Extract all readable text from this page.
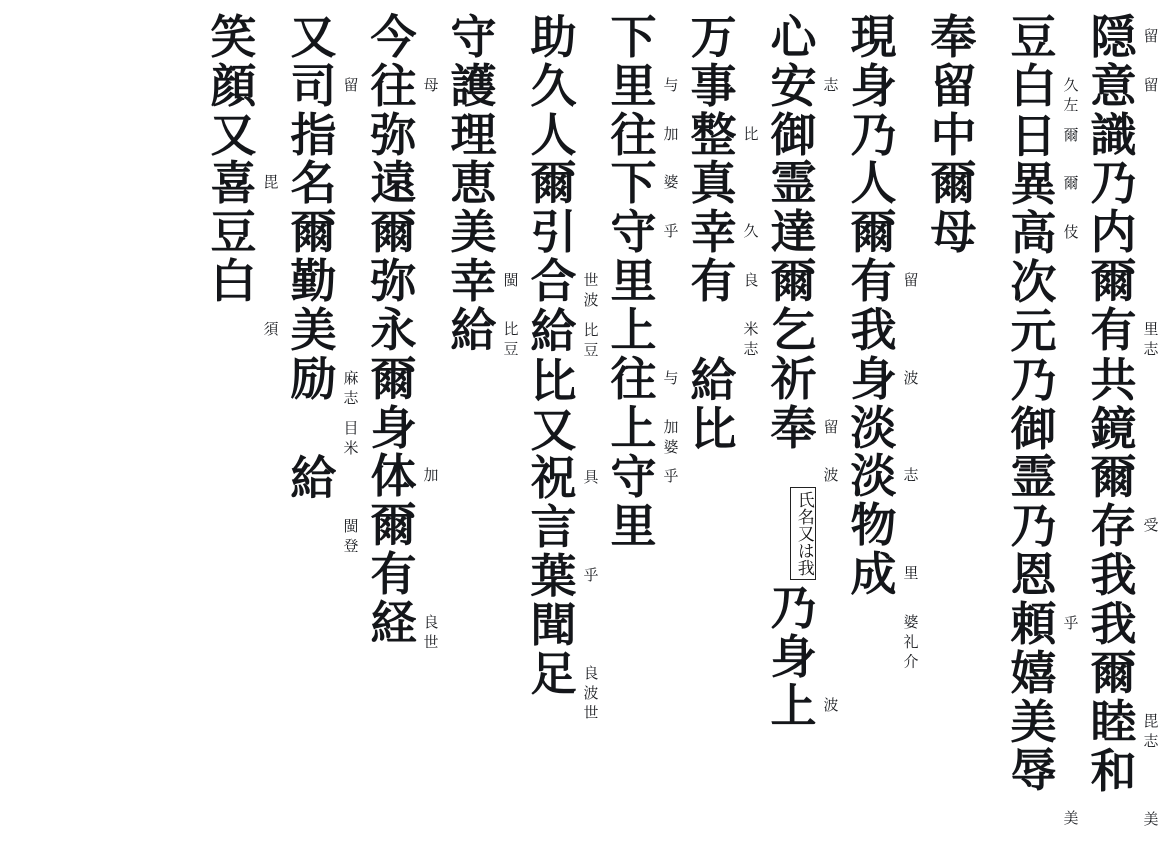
隠 留
意 留
識
乃
内
爾
有 里 志
共
鏡
爾
存 受
我
我
爾
睦 毘 志
和
美
豆
白 久 左
日 爾
異 爾
高 伎
次
元
乃
御
霊
乃
恩
頼 乎
嬉
美
辱
美
奉
留
中
爾
母
現
身
乃
人
爾
有 留
我
身 波
淡
淡 志
物
成 里
婆 礼 介
心
安 志
御
霊
達
爾
乞
祈
奉 留
波
氏名又は我
乃
身
上 波
万
事
整 比
真
幸 久
有 良
米 志
給
比
下
里 与
往 加
下 婆
守 乎
里
上
往 与
上 加 婆
守 乎
里
助
久
人
爾
引
合 世 波
給 比 豆
比
又
祝 具
言
葉 乎
聞
足 良 波 世
守
護
理
恵
美
幸 閩
給 比 豆
今
往 母
弥
遠
爾
弥
永
爾
身
体 加
爾
有
経 良 世
又
司 留
指
名
爾
勤
美
励 麻 志
目 米
給
閩 登
笑
顔
又
喜 毘
豆
白
須
